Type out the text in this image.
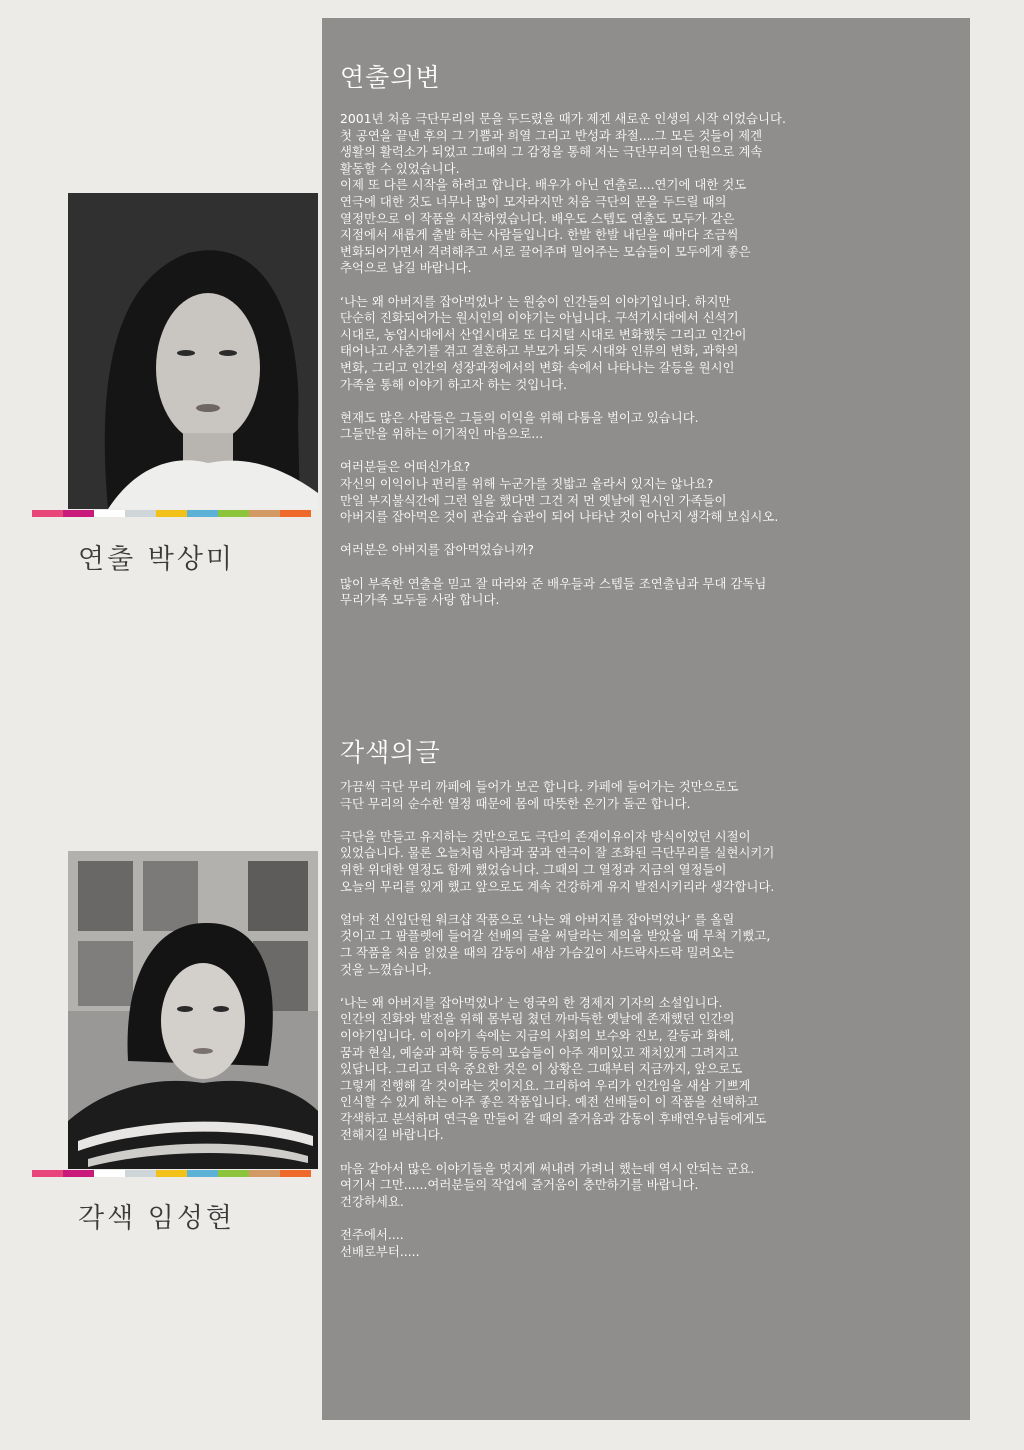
연출의변
2001년 처음 극단무리의 문을 두드렸을 때가 제겐 새로운 인생의 시작 이었습니다.
첫 공연을 끝낸 후의 그 기쁨과 희열 그리고 반성과 좌절....그 모든 것들이 제겐
생활의 활력소가 되었고 그때의 그 감정을 통해 저는 극단무리의 단원으로 계속
활동할 수 있었습니다.
이제 또 다른 시작을 하려고 합니다. 배우가 아닌 연출로....연기에 대한 것도
연극에 대한 것도 너무나 많이 모자라지만 처음 극단의 문을 두드릴 때의
열정만으로 이 작품을 시작하였습니다. 배우도 스텝도 연출도 모두가 같은
지점에서 새롭게 출발 하는 사람들입니다. 한발 한발 내딛을 때마다 조금씩
변화되어가면서 격려해주고 서로 끌어주며 밀어주는 모습들이 모두에게 좋은
추억으로 남길 바랍니다.
‘나는 왜 아버지를 잡아먹었나’ 는 원숭이 인간들의 이야기입니다. 하지만
단순히 진화되어가는 원시인의 이야기는 아닙니다. 구석기시대에서 신석기
시대로, 농업시대에서 산업시대로 또 디지털 시대로 변화했듯 그리고 인간이
태어나고 사춘기를 겪고 결혼하고 부모가 되듯 시대와 인류의 변화, 과학의
변화, 그리고 인간의 성장과정에서의 변화 속에서 나타나는 갈등을 원시인
가족을 통해 이야기 하고자 하는 것입니다.
현재도 많은 사람들은 그들의 이익을 위해 다툼을 벌이고 있습니다.
그들만을 위하는 이기적인 마음으로...
여러분들은 어떠신가요?
자신의 이익이나 편리를 위해 누군가를 짓밟고 올라서 있지는 않나요?
만일 부지불식간에 그런 일을 했다면 그건 저 먼 옛날에 원시인 가족들이
아버지를 잡아먹은 것이 관습과 습관이 되어 나타난 것이 아닌지 생각해 보십시오.
여러분은 아버지를 잡아먹었습니까?
많이 부족한 연출을 믿고 잘 따라와 준 배우들과 스텝들 조연출님과 무대 감독님
무리가족 모두들 사랑 합니다.
각색의글
가끔씩 극단 무리 까페에 들어가 보곤 합니다. 카페에 들어가는 것만으로도
극단 무리의 순수한 열정 때문에 몸에 따뜻한 온기가 돌곤 합니다.
극단을 만들고 유지하는 것만으로도 극단의 존재이유이자 방식이었던 시절이
있었습니다. 물론 오늘처럼 사람과 꿈과 연극이 잘 조화된 극단무리를 실현시키기
위한 위대한 열정도 함께 했었습니다. 그때의 그 열정과 지금의 열정들이
오늘의 무리를 있게 했고 앞으로도 계속 건강하게 유지 발전시키리라 생각합니다.
얼마 전 신입단원 워크샵 작품으로 ‘나는 왜 아버지를 잡아먹었나’ 를 올릴
것이고 그 팜플렛에 들어갈 선배의 글을 써달라는 제의을 받았을 때 무척 기뻤고,
그 작품을 처음 읽었을 때의 감동이 새삼 가슴깊이 사드락사드락 밀려오는
것을 느꼈습니다.
‘나는 왜 아버지를 잡아먹었나’ 는 영국의 한 경제지 기자의 소설입니다.
인간의 진화와 발전을 위해 몸부림 쳤던 까마득한 옛날에 존재했던 인간의
이야기입니다. 이 이야기 속에는 지금의 사회의 보수와 진보, 갈등과 화해,
꿈과 현실, 예술과 과학 등등의 모습들이 아주 재미있고 재치있게 그려지고
있답니다. 그리고 더욱 중요한 것은 이 상황은 그때부터 지금까지, 앞으로도
그렇게 진행해 갈 것이라는 것이지요. 그리하여 우리가 인간임을 새삼 기쁘게
인식할 수 있게 하는 아주 좋은 작품입니다. 예전 선배들이 이 작품을 선택하고
각색하고 분석하며 연극을 만들어 갈 때의 즐거움과 감동이 후배연우님들에게도
전해지길 바랍니다.
마음 같아서 많은 이야기들을 멋지게 써내려 가려니 했는데 역시 안되는 군요.
여기서 그만......여러분들의 작업에 즐거움이 충만하기를 바랍니다.
건강하세요.
전주에서....
선배로부터.....
연출 박상미
각색 임성현
